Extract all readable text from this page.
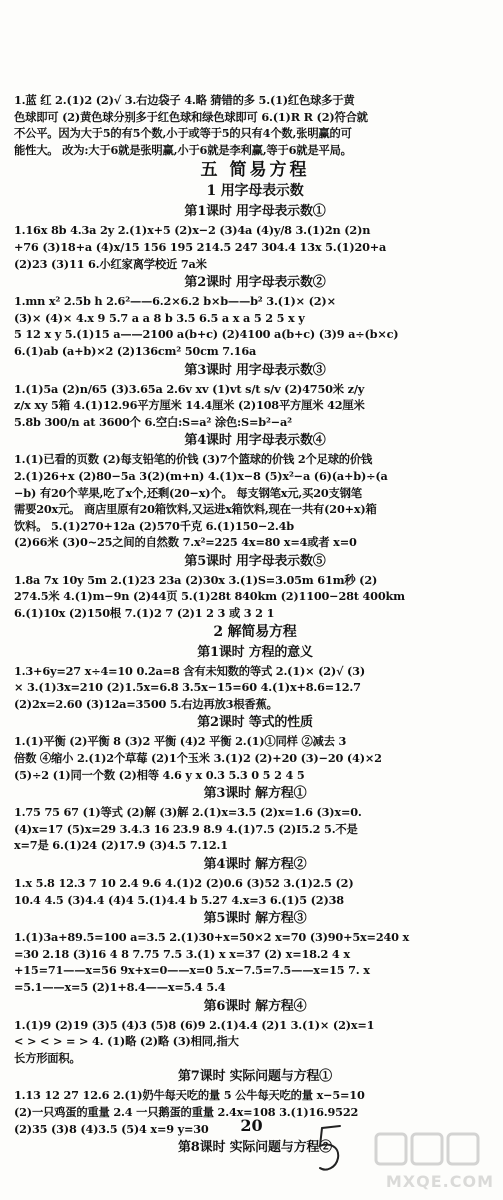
1.蓝 红 2.(1)2 (2)√ 3.右边袋子 4.略 猜错的多 5.(1)红色球多于黄
色球即可 (2)黄色球分别多于红色球和绿色球即可 6.(1)R R (2)符合就
不公平。因为大于5的有5个数,小于或等于5的只有4个数,张明赢的可
能性大。 改为:大于6就是张明赢,小于6就是李利赢,等于6就是平局。
五 简易方程
1 用字母表示数
第1课时 用字母表示数①
1.16x 8b 4.3a 2y 2.(1)x+5 (2)x−2 (3)4a (4)y/8 3.(1)2n (2)n
+76 (3)18+a (4)x/15 156 195 214.5 247 304.4 13x 5.(1)20+a
(2)23 (3)11 6.小红家离学校近 7a米
第2课时 用字母表示数②
1.mn x² 2.5b h 2.6²——6.2×6.2 b×b——b² 3.(1)× (2)×
(3)× (4)× 4.x 9 5.7 a a 8 b 3.5 6.5 a x a 5 2 5 x y
5 12 x y 5.(1)15 a——2100 a(b+c) (2)4100 a(b+c) (3)9 a÷(b×c)
6.(1)ab (a+b)×2 (2)136cm² 50cm 7.16a
第3课时 用字母表示数③
1.(1)5a (2)n/65 (3)3.65a 2.6v xv (1)vt s/t s/v (2)4750米 z/y
z/x xy 5箱 4.(1)12.96平方厘米 14.4厘米 (2)108平方厘米 42厘米
5.8b 300/n at 3600个 6.空白:S=a² 涂色:S=b²−a²
第4课时 用字母表示数④
1.(1)已看的页数 (2)每支铅笔的价钱 (3)7个篮球的价钱 2个足球的价钱
2.(1)26+x (2)80−5a 3(2)(m+n) 4.(1)x−8 (5)x²−a (6)(a+b)÷(a
−b) 有20个苹果,吃了x个,还剩(20−x)个。 每支钢笔x元,买20支钢笔
需要20x元。 商店里原有20箱饮料,又运进x箱饮料,现在一共有(20+x)箱
饮料。 5.(1)270+12a (2)570千克 6.(1)150−2.4b
(2)66米 (3)0~25之间的自然数 7.x²=225 4x=80 x=4或者 x=0
第5课时 用字母表示数⑤
1.8a 7x 10y 5m 2.(1)23 23a (2)30x 3.(1)S=3.05m 61m秒 (2)
274.5米 4.(1)m−9n (2)44页 5.(1)28t 840km (2)1100−28t 400km
6.(1)10x (2)150根 7.(1)2 7 (2)1 2 3 或 3 2 1
2 解简易方程
第1课时 方程的意义
1.3+6y=27 x÷4=10 0.2a=8 含有未知数的等式 2.(1)× (2)√ (3)
× 3.(1)3x=210 (2)1.5x=6.8 3.5x−15=60 4.(1)x+8.6=12.7
(2)2x=2.60 (3)12a=3500 5.右边再放3根香蕉。
第2课时 等式的性质
1.(1)平衡 (2)平衡 8 (3)2 平衡 (4)2 平衡 2.(1)①同样 ②减去 3
倍数 ④缩小 2.(1)2个草莓 (2)1个玉米 3.(1)2 (2)+20 (3)−20 (4)×2
(5)÷2 (1)同一个数 (2)相等 4.6 y x 0.3 5.3 0 5 2 4 5
第3课时 解方程①
1.75 75 67 (1)等式 (2)解 (3)解 2.(1)x=3.5 (2)x=1.6 (3)x=0.
(4)x=17 (5)x=29 3.4.3 16 23.9 8.9 4.(1)7.5 (2)I5.2 5.不是
x=7是 6.(1)24 (2)17.9 (3)4.5 7.12.1
第4课时 解方程②
1.x 5.8 12.3 7 10 2.4 9.6 4.(1)2 (2)0.6 (3)52 3.(1)2.5 (2)
10.4 4.5 (3)4.4 (4)4 5.(1)4.4 b 5.27 4.x=3 6.(1)5 (2)38
第5课时 解方程③
1.(1)3a+89.5=100 a=3.5 2.(1)30+x=50×2 x=70 (3)90+5x=240 x
=30 2.18 (3)16 4 8 7.75 7.5 3.(1) x x=37 (2) x=18.2 4 x
+15=71——x=56 9x+x=0——x=0 5.x−7.5=7.5——x=15 7. x
=5.1——x=5 (2)1+8.4——x=5.4 5.4
第6课时 解方程④
1.(1)9 (2)19 (3)5 (4)3 (5)8 (6)9 2.(1)4.4 (2)1 3.(1)× (2)x=1
< > < > = > 4. (1)略 (2)略 (3)相同,指大
长方形面积。
第7课时 实际问题与方程①
1.13 12 27 12.6 2.(1)奶牛每天吃的量 5 公牛每天吃的量 x−5=10
(2)一只鸡蛋的重量 2.4 一只鹅蛋的重量 2.4x=108 3.(1)16.9522
(2)35 (3)8 (4)3.5 (5)4 x=9 y=30
第8课时 实际问题与方程②
20
MXQE.COM
